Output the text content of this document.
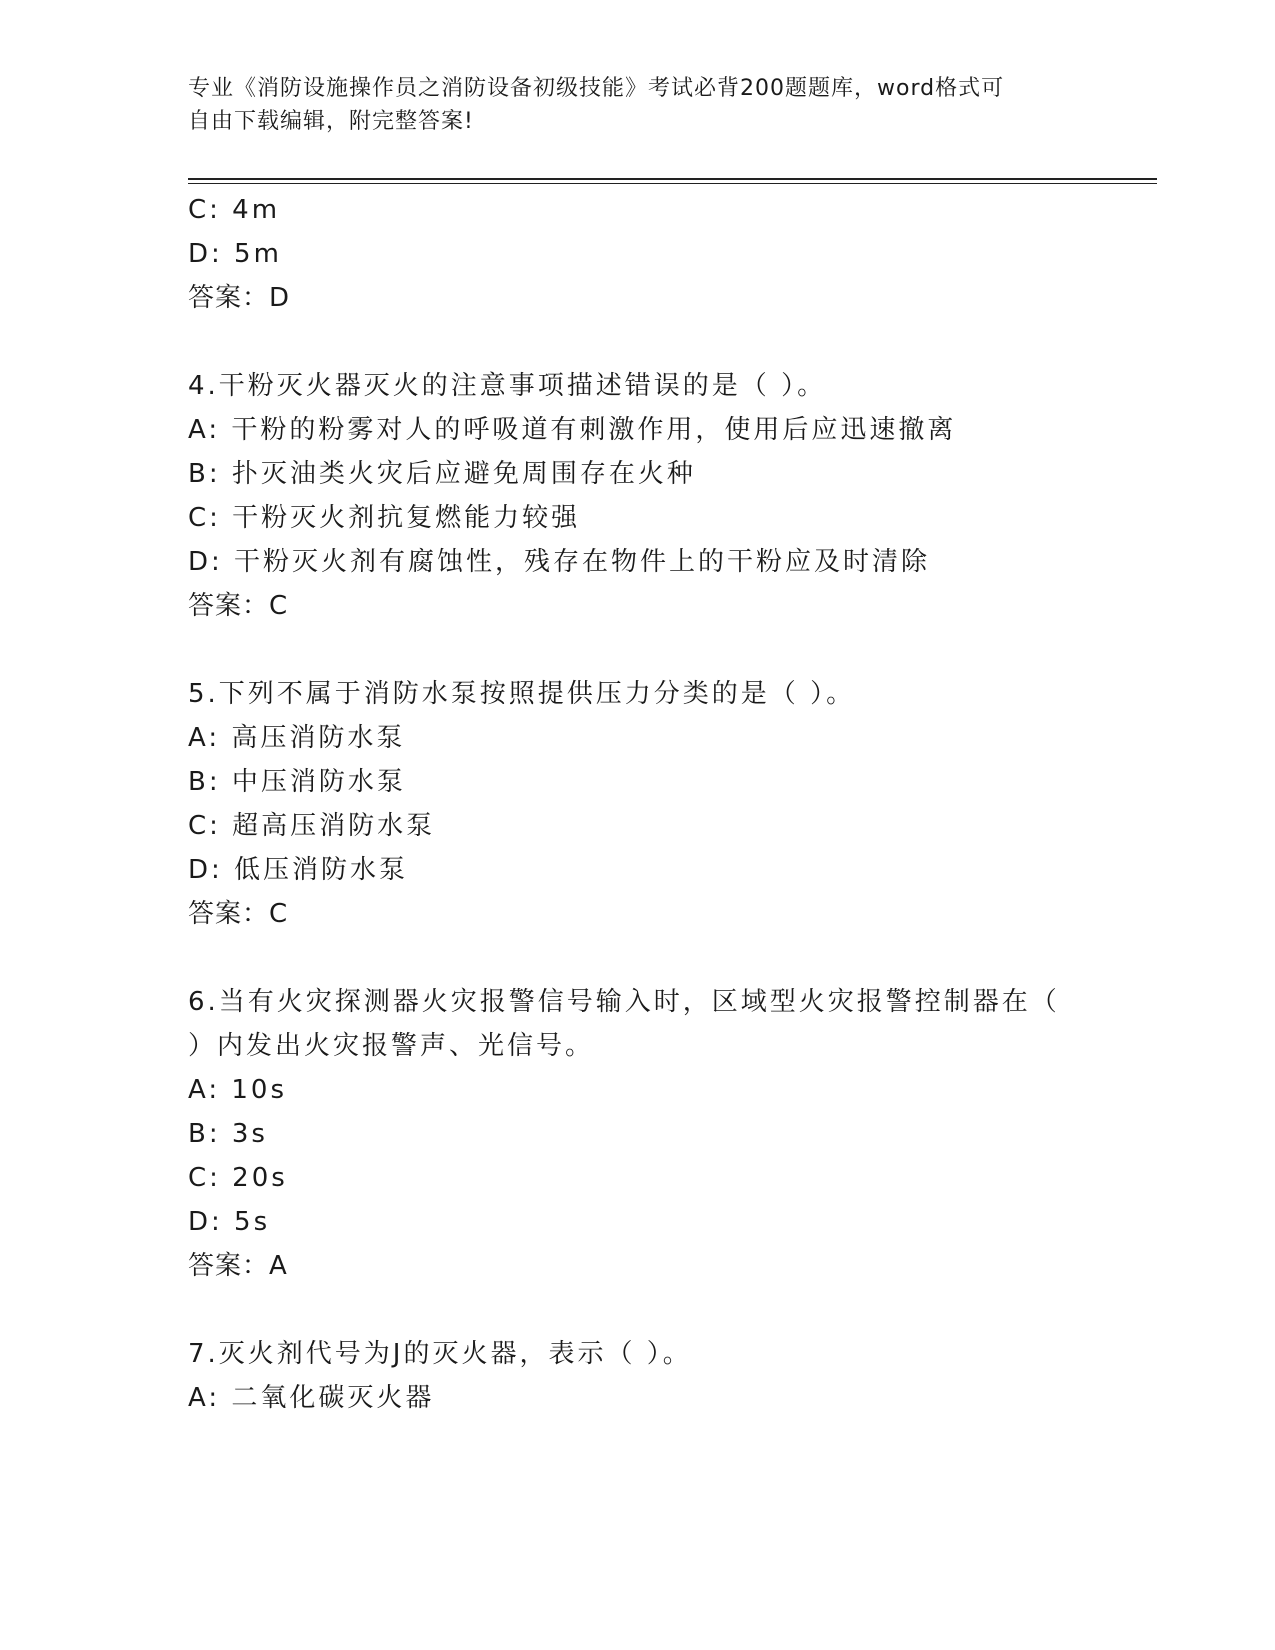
专业《消防设施操作员之消防设备初级技能》考试必背200题题库，word格式可
自由下载编辑，附完整答案!
C: 4m
D: 5m
答案：D
4.干粉灭火器灭火的注意事项描述错误的是（ ）。
A: 干粉的粉雾对人的呼吸道有刺激作用，使用后应迅速撤离
B: 扑灭油类火灾后应避免周围存在火种
C: 干粉灭火剂抗复燃能力较强
D: 干粉灭火剂有腐蚀性，残存在物件上的干粉应及时清除
答案：C
5.下列不属于消防水泵按照提供压力分类的是（ ）。
A: 高压消防水泵
B: 中压消防水泵
C: 超高压消防水泵
D: 低压消防水泵
答案：C
6.当有火灾探测器火灾报警信号输入时，区域型火灾报警控制器在（
）内发出火灾报警声、光信号。
A: 10s
B: 3s
C: 20s
D: 5s
答案：A
7.灭火剂代号为J的灭火器，表示（ ）。
A: 二氧化碳灭火器
